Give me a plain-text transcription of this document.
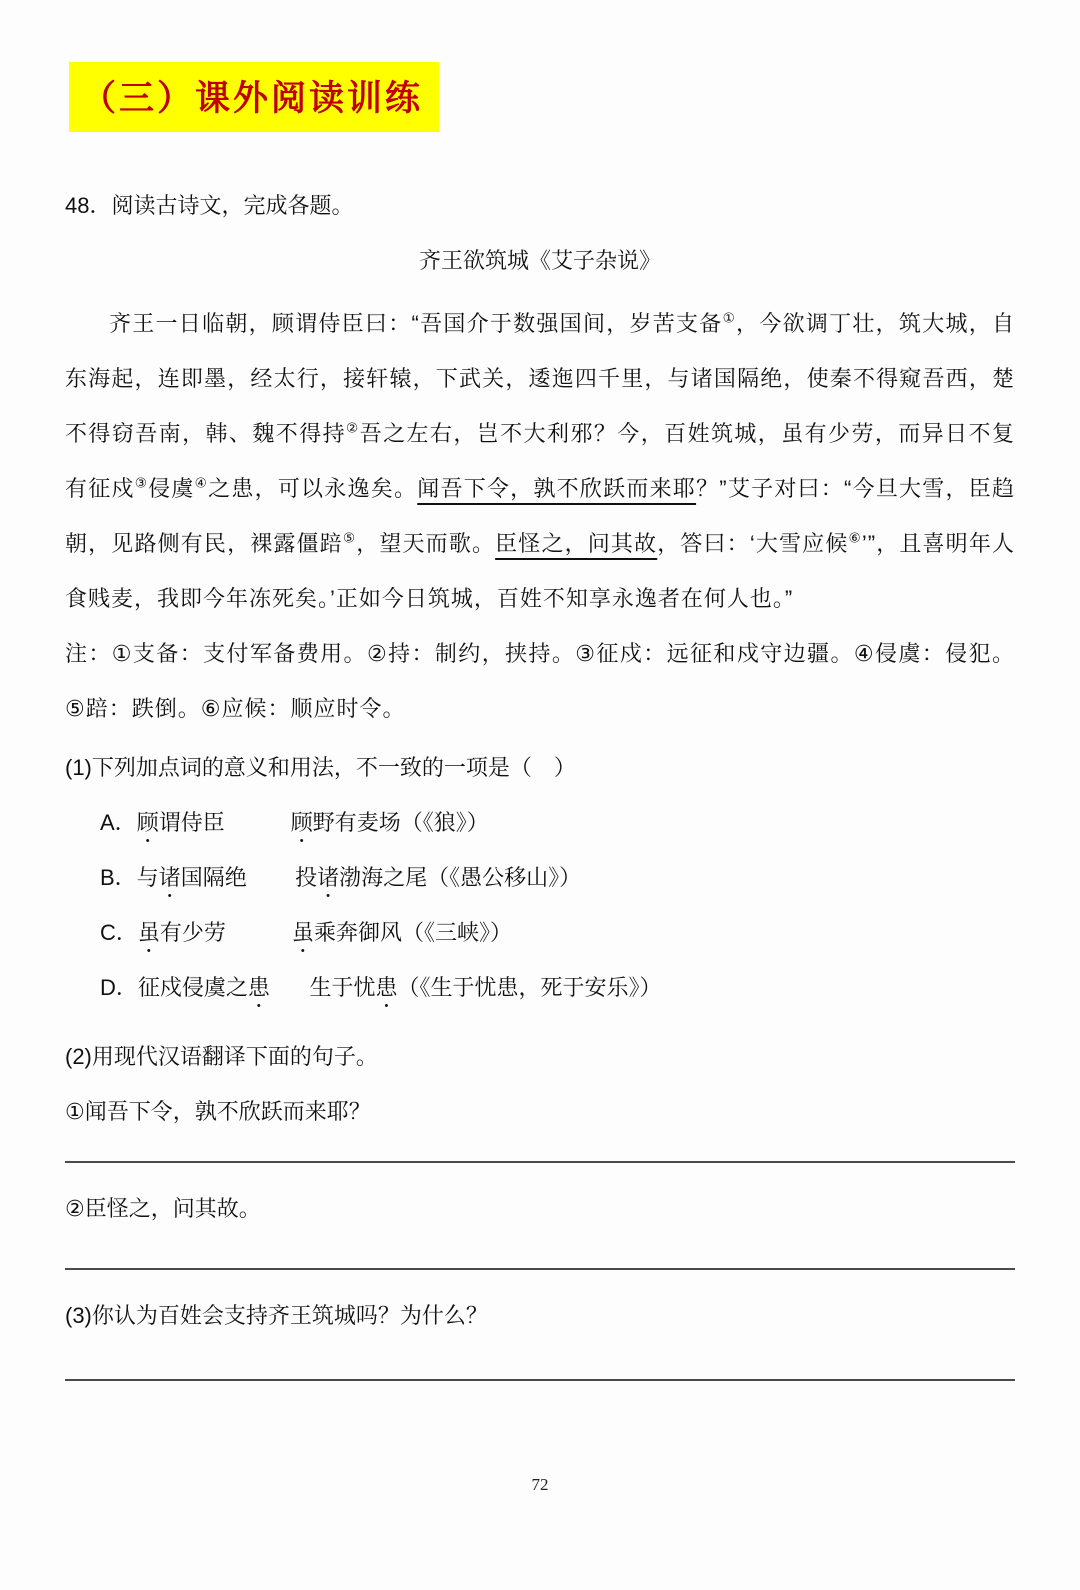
（三）课外阅读训练
48．阅读古诗文，完成各题。
齐王欲筑城《艾子杂说》
齐王一日临朝，顾谓侍臣曰：“吾国介于数强国间，岁苦支备①，今欲调丁壮，筑大城，自东海起，连即墨，经太行，接轩辕，下武关，逶迤四千里，与诸国隔绝，使秦不得窥吾西，楚不得窃吾南，韩、魏不得持②吾之左右，岂不大利邪？今，百姓筑城，虽有少劳，而异日不复有征戍③侵虞④之患，可以永逸矣。闻吾下令，孰不欣跃而来耶？”艾子对曰：“今旦大雪，臣趋朝，见路侧有民，裸露僵踣⑤，望天而歌。臣怪之，问其故，答曰：‘大雪应候⑥’”，且喜明年人食贱麦，我即今年冻死矣。’正如今日筑城，百姓不知享永逸者在何人也。”
注：①支备：支付军备费用。②持：制约，挟持。③征戍：远征和戍守边疆。④侵虞：侵犯。⑤踣：跌倒。⑥应候：顺应时令。
(1)下列加点词的意义和用法，不一致的一项是（　）
A．顾谓侍臣	顾野有麦场（《狼》）
B．与诸国隔绝 投诸渤海之尾（《愚公移山》）
C．虽有少劳	虽乘奔御风（《三峡》）
D．征戍侵虞之患 生于忧患（《生于忧患，死于安乐》）
(2)用现代汉语翻译下面的句子。
①闻吾下令，孰不欣跃而来耶？
②臣怪之，问其故。
(3)你认为百姓会支持齐王筑城吗？为什么？
72
